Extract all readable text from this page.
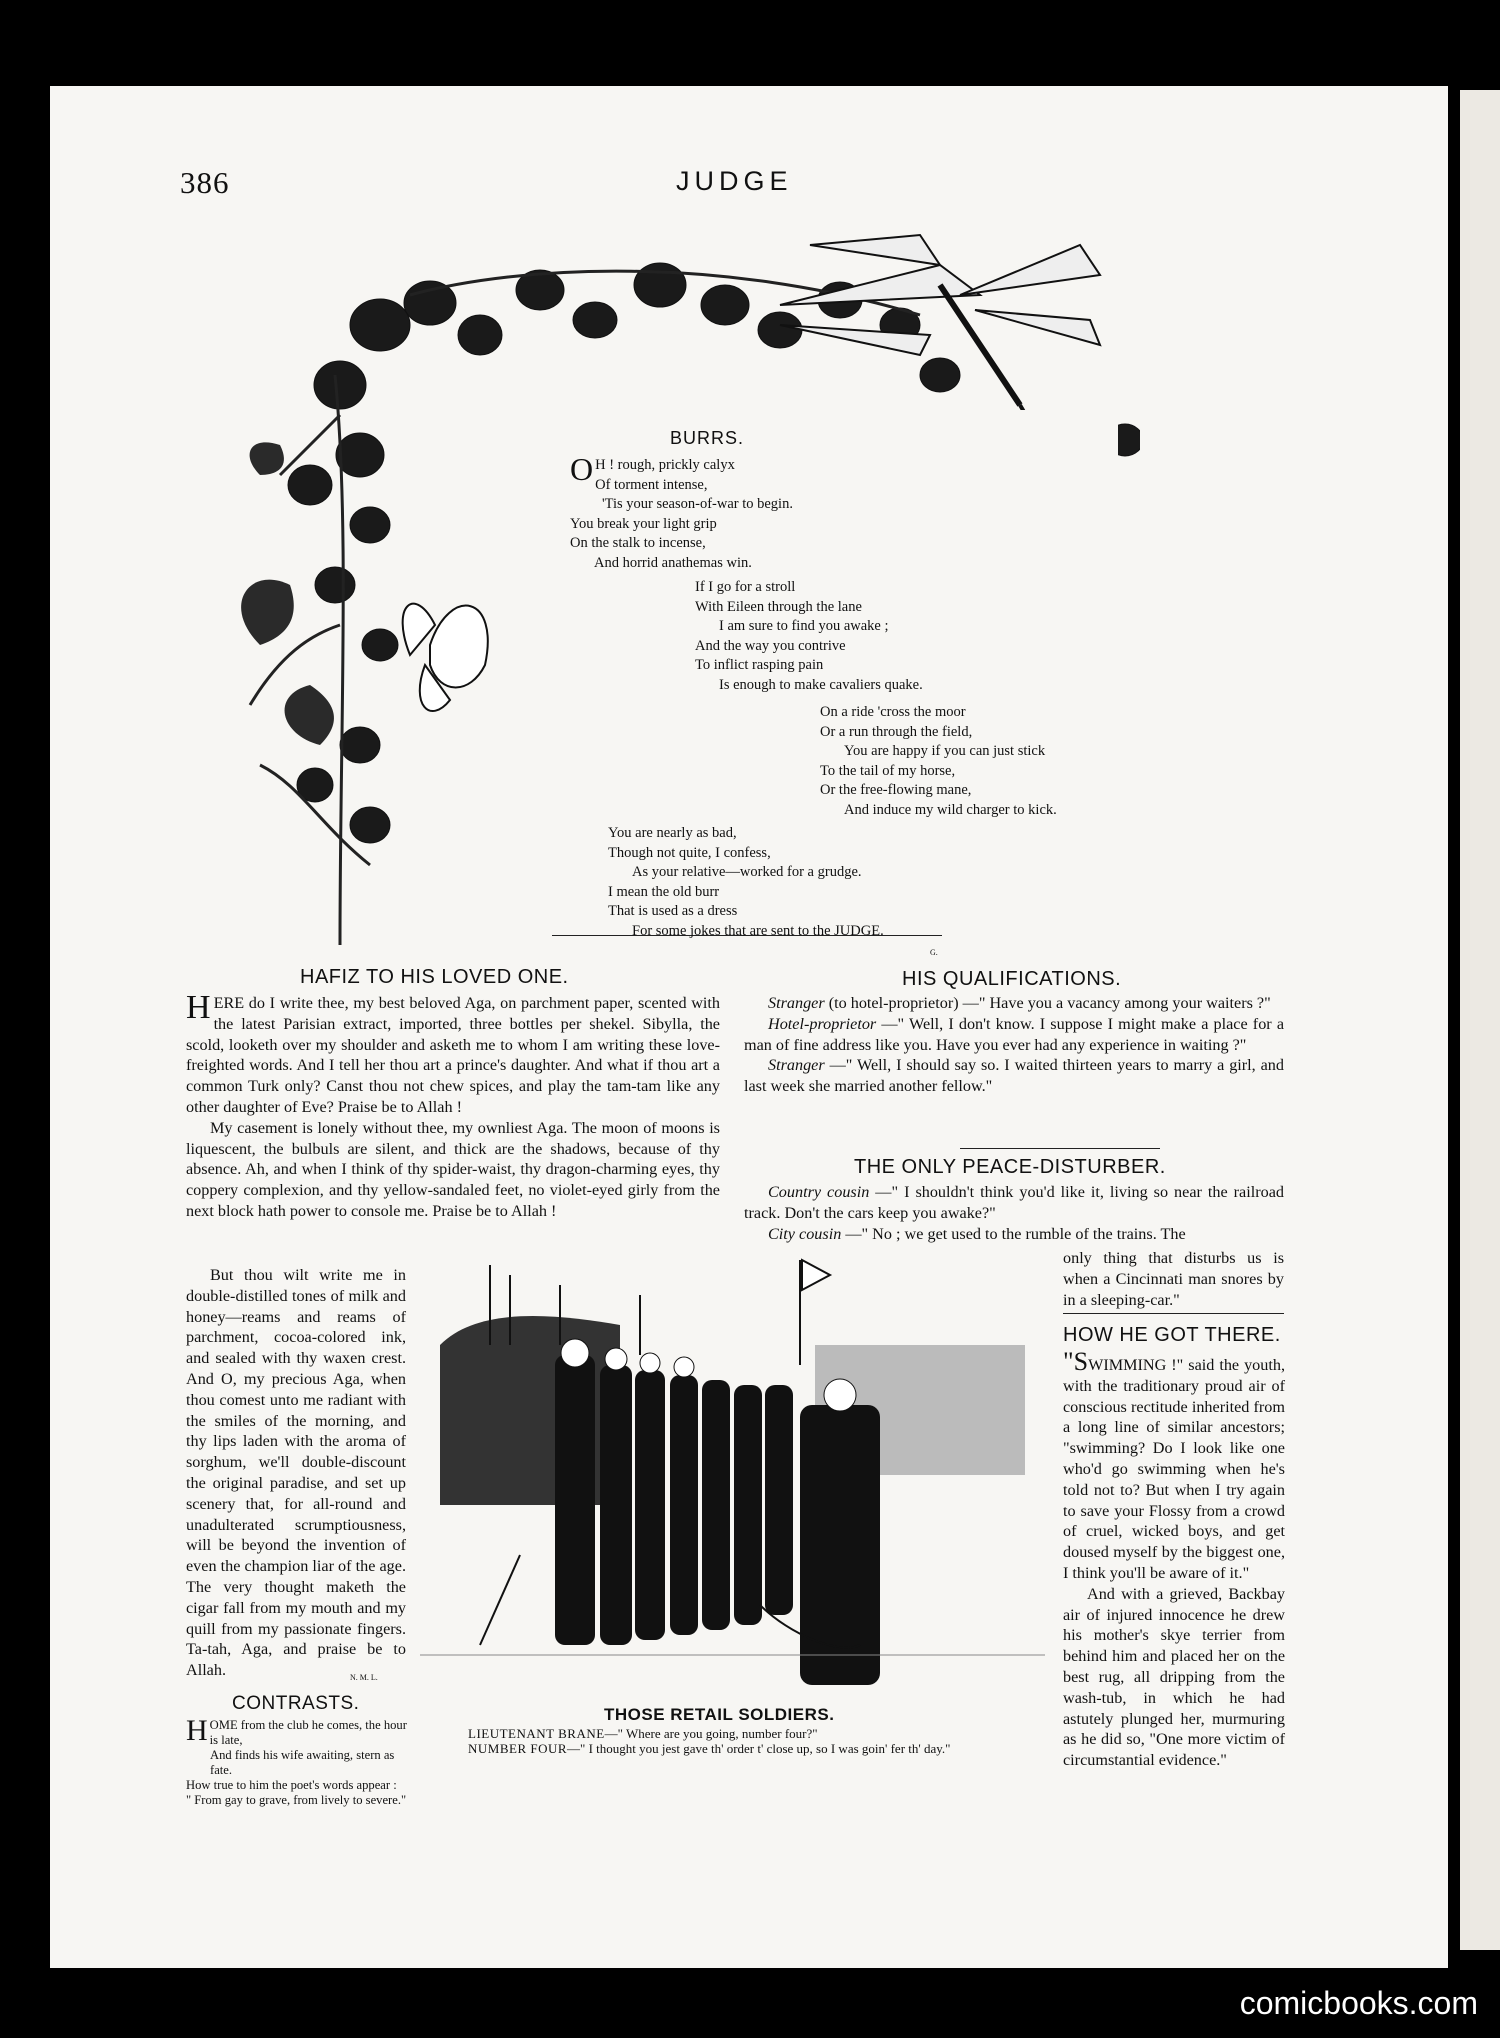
386	JUDGE
BURRS.
O H ! rough, prickly calyx
Of torment intense,
'Tis your season-of-war to begin.
You break your light grip
On the stalk to incense,
And horrid anathemas win.
If I go for a stroll
With Eileen through the lane
I am sure to find you awake ;
And the way you contrive
To inflict rasping pain
Is enough to make cavaliers quake.
On a ride 'cross the moor
Or a run through the field,
You are happy if you can just stick
To the tail of my horse,
Or the free-flowing mane,
And induce my wild charger to kick.
You are nearly as bad,
Though not quite, I confess,
As your relative—worked for a grudge.
I mean the old burr
That is used as a dress
For some jokes that are sent to the JUDGE.
G.
HAFIZ TO HIS LOVED ONE.

HERE do I write thee, my best beloved Aga, on parchment paper, scented with the latest Parisian extract, imported, three bottles per shekel. Sibylla, the scold, looketh over my shoulder and asketh me to whom I am writing these love-freighted words. And I tell her thou art a prince's daughter. And what if thou art a common Turk only? Canst thou not chew spices, and play the tam-tam like any other daughter of Eve? Praise be to Allah !

My casement is lonely without thee, my ownliest Aga. The moon of moons is liquescent, the bulbuls are silent, and thick are the shadows, because of thy absence. Ah, and when I think of thy spider-waist, thy dragon-charming eyes, thy coppery complexion, and thy yellow-sandaled feet, no violet-eyed girly from the next block hath power to console me. Praise be to Allah !

But thou wilt write me in double-distilled tones of milk and honey—reams and reams of parchment, cocoa-colored ink, and sealed with thy waxen crest. And O, my precious Aga, when thou comest unto me radiant with the smiles of the morning, and thy lips laden with the aroma of sorghum, we'll double-discount the original paradise, and set up scenery that, for all-round and unadulterated scrumptiousness, will be beyond the invention of even the champion liar of the age. The very thought maketh the cigar fall from my mouth and my quill from my passionate fingers. Ta-tah, Aga, and praise be to Allah.	N. M. L.
CONTRASTS.
HOME from the club he comes, the hour is late,
And finds his wife awaiting, stern as fate.
How true to him the poet's words appear :
" From gay to grave, from lively to severe."
HIS QUALIFICATIONS.

Stranger (to hotel-proprietor) —" Have you a vacancy among your waiters ?"

Hotel-proprietor —" Well, I don't know. I suppose I might make a place for a man of fine address like you. Have you ever had any experience in waiting ?"

Stranger —" Well, I should say so. I waited thirteen years to marry a girl, and last week she married another fellow."

THE ONLY PEACE-DISTURBER.

Country cousin —" I shouldn't think you'd like it, living so near the railroad track. Don't the cars keep you awake?"

City cousin —" No ; we get used to the rumble of the trains. The

only thing that disturbs us is when a Cincinnati man snores by in a sleeping-car."

HOW HE GOT THERE.

"SWIMMING !" said the youth, with the traditionary proud air of conscious rectitude inherited from a long line of similar ancestors; "swimming? Do I look like one who'd go swimming when he's told not to? But when I try again to save your Flossy from a crowd of cruel, wicked boys, and get doused myself by the biggest one, I think you'll be aware of it."

And with a grieved, Backbay air of injured innocence he drew his mother's skye terrier from behind him and placed her on the best rug, all dripping from the wash-tub, in which he had astutely plunged her, murmuring as he did so, "One more victim of circumstantial evidence."

THOSE RETAIL SOLDIERS.
LIEUTENANT BRANE—" Where are you going, number four?"
NUMBER FOUR—" I thought you jest gave th' order t' close up, so I was goin' fer th' day."
comicbooks.com
